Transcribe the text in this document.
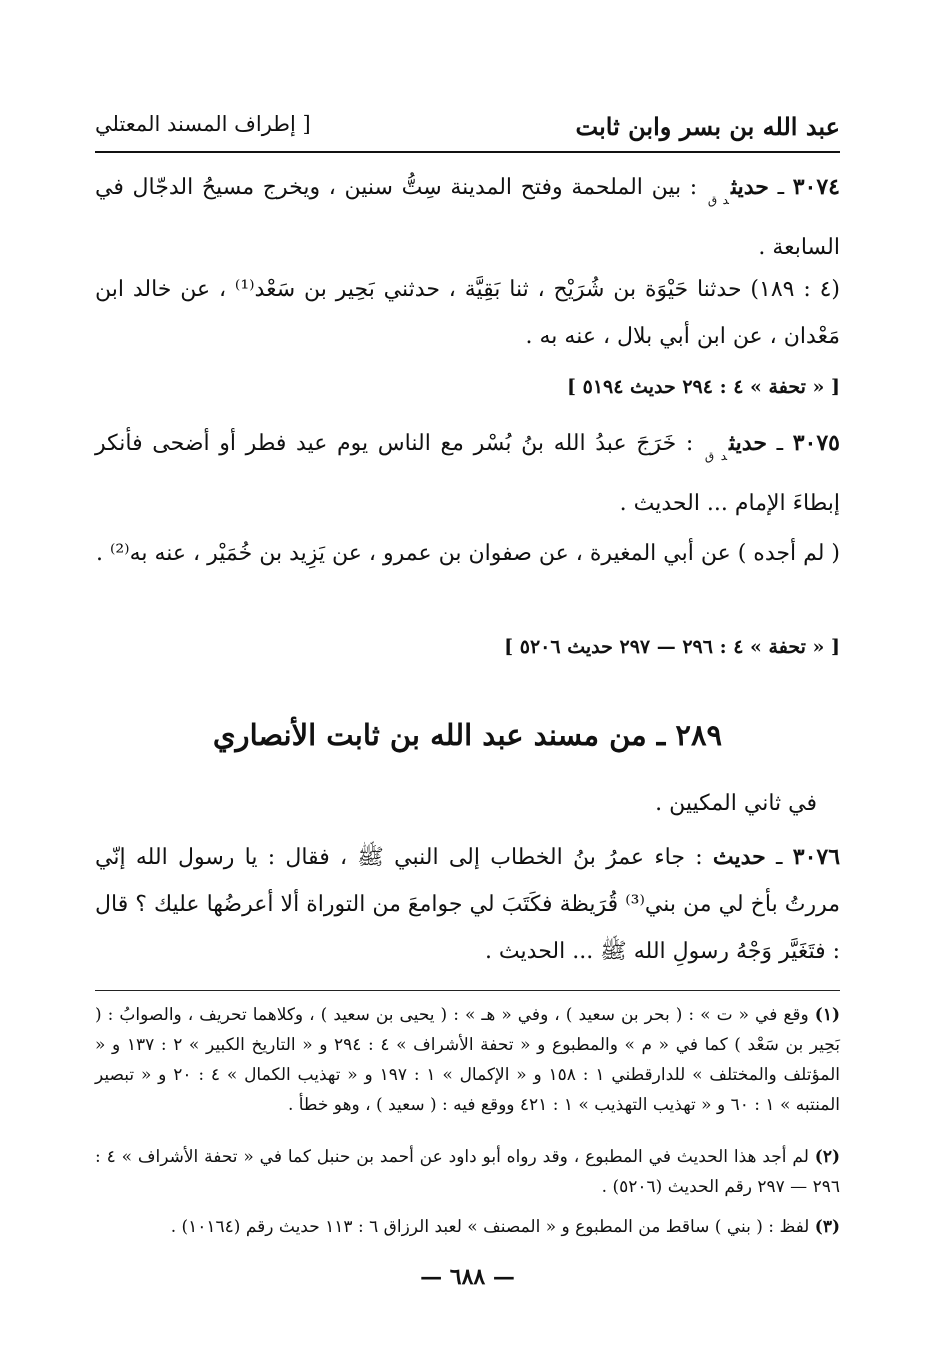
عبد الله بن بسر وابن ثابت
[ إطراف المسند المعتلي
٣٠٧٤ ـ حديث$_{د ق}$ : بين الملحمة وفتح المدينة سِتُّ سنين ، ويخرج مسيحُ الدجّال في السابعة .
(٤ : ١٨٩) حدثنا حَيْوَة بن شُرَيْح ، ثنا بَقِيَّة ، حدثني بَحِير بن سَعْد⁽¹⁾ ، عن خالد ابن مَعْدان ، عن ابن أبي بلال ، عنه به .
[ « تحفة » ٤ : ٢٩٤ حديث ٥١٩٤ ]
٣٠٧٥ ـ حديث$_{د ق}$ : خَرَجَ عبدُ الله بنُ بُسْر مع الناس يوم عيد فطر أو أضحى فأنكر إبطاءَ الإمام ... الحديث .
( لم أجده ) عن أبي المغيرة ، عن صفوان بن عمرو ، عن يَزِيد بن خُمَيْر ، عنه به⁽²⁾ .
[ « تحفة » ٤ : ٢٩٦ — ٢٩٧ حديث ٥٢٠٦ ]
٢٨٩ ـ من مسند عبد الله بن ثابت الأنصاري
في ثاني المكيين .
٣٠٧٦ ـ حديث : جاء عمرُ بنُ الخطاب إلى النبي ﷺ ، فقال : يا رسول الله إنّي مررتُ بأخ لي من بني⁽³⁾ قُرَيظة فكَتَبَ لي جوامعَ من التوراة ألا أعرضُها عليك ؟ قال : فتَغَيَّر وَجْهُ رسولِ الله ﷺ ... الحديث .
(١) وقع في « ت » : ( بحر بن سعيد ) ، وفي « هـ » : ( يحيى بن سعيد ) ، وكلاهما تحريف ، والصوابُ : ( بَحِير بن سَعْد ) كما في « م » والمطبوع و « تحفة الأشراف » ٤ : ٢٩٤ و « التاريخ الكبير » ٢ : ١٣٧ و « المؤتلف والمختلف » للدارقطني ١ : ١٥٨ و « الإكمال » ١ : ١٩٧ و « تهذيب الكمال » ٤ : ٢٠ و « تبصير المنتبه » ١ : ٦٠ و « تهذيب التهذيب » ١ : ٤٢١ ووقع فيه : ( سعيد ) ، وهو خطأ .
(٢) لم أجد هذا الحديث في المطبوع ، وقد رواه أبو داود عن أحمد بن حنبل كما في « تحفة الأشراف » ٤ : ٢٩٦ — ٢٩٧ رقم الحديث (٥٢٠٦) .
(٣) لفظ : ( بني ) ساقط من المطبوع و « المصنف » لعبد الرزاق ٦ : ١١٣ حديث رقم (١٠١٦٤) .
— ٦٨٨ —
